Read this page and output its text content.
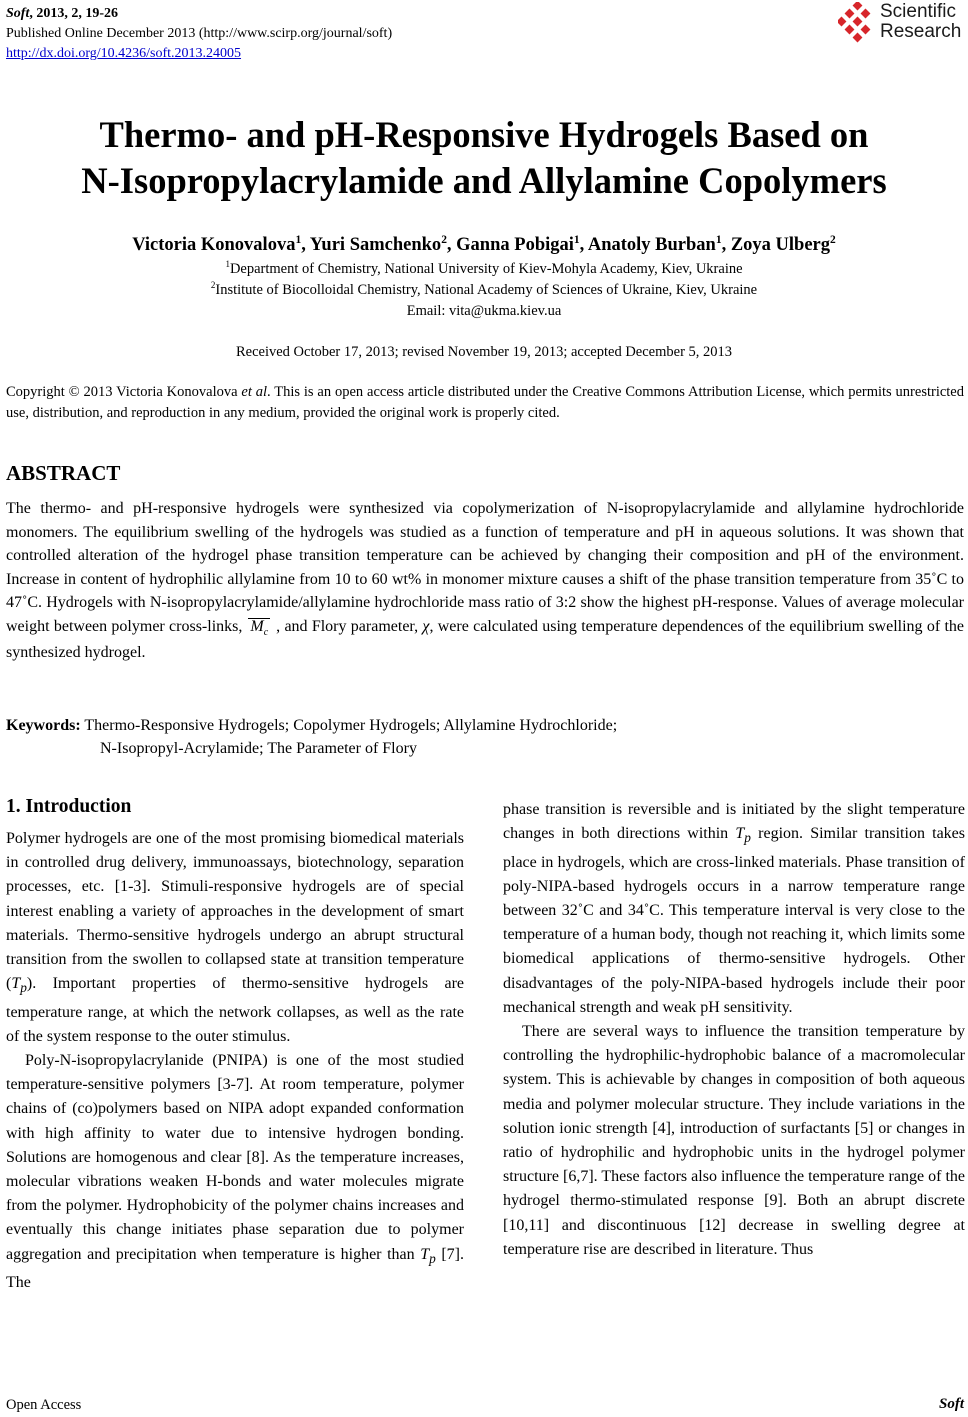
Soft, 2013, 2, 19-26
Published Online December 2013 (http://www.scirp.org/journal/soft)
http://dx.doi.org/10.4236/soft.2013.24005
Scientific
Research
Thermo- and pH-Responsive Hydrogels Based on
N-Isopropylacrylamide and Allylamine Copolymers
Victoria Konovalova$^1$, Yuri Samchenko$^2$, Ganna Pobigai$^1$, Anatoly Burban$^1$, Zoya Ulberg$^2$
$^1$Department of Chemistry, National University of Kiev-Mohyla Academy, Kiev, Ukraine
$^2$Institute of Biocolloidal Chemistry, National Academy of Sciences of Ukraine, Kiev, Ukraine
Email: vita@ukma.kiev.ua
Received October 17, 2013; revised November 19, 2013; accepted December 5, 2013
Copyright © 2013 Victoria Konovalova et al. This is an open access article distributed under the Creative Commons Attribution License, which permits unrestricted use, distribution, and reproduction in any medium, provided the original work is properly cited.
ABSTRACT
The thermo- and pH-responsive hydrogels were synthesized via copolymerization of N-isopropylacrylamide and allylamine hydrochloride monomers. The equilibrium swelling of the hydrogels was studied as a function of temperature and pH in aqueous solutions. It was shown that controlled alteration of the hydrogel phase transition temperature can be achieved by changing their composition and pH of the environment. Increase in content of hydrophilic allylamine from 10 to 60 wt% in monomer mixture causes a shift of the phase transition temperature from 35˚C to 47˚C. Hydrogels with N-isopropylacrylamide/allylamine hydrochloride mass ratio of 3:2 show the highest pH-response. Values of average molecular weight between polymer cross-links, $M_c$ , and Flory parameter, χ, were calculated using temperature dependences of the equilibrium swelling of the synthesized hydrogel.
Keywords: Thermo-Responsive Hydrogels; Copolymer Hydrogels; Allylamine Hydrochloride;
N-Isopropyl-Acrylamide; The Parameter of Flory
1. Introduction

Polymer hydrogels are one of the most promising biomedical materials in controlled drug delivery, immunoassays, biotechnology, separation processes, etc. [1-3]. Stimuli-responsive hydrogels are of special interest enabling a variety of approaches in the development of smart materials. Thermo-sensitive hydrogels undergo an abrupt structural transition from the swollen to collapsed state at transition temperature $(T_p)$. Important properties of thermo-sensitive hydrogels are temperature range, at which the network collapses, as well as the rate of the system response to the outer stimulus.

Poly-N-isopropylacrylanide (PNIPA) is one of the most studied temperature-sensitive polymers [3-7]. At room temperature, polymer chains of (co)polymers based on NIPA adopt expanded conformation with high affinity to water due to intensive hydrogen bonding. Solutions are homogenous and clear [8]. As the temperature increases, molecular vibrations weaken H-bonds and water molecules migrate from the polymer. Hydrophobicity of the polymer chains increases and eventually this change initiates phase separation due to polymer aggregation and precipitation when temperature is higher than $T_p$ [7]. The

phase transition is reversible and is initiated by the slight temperature changes in both directions within $T_p$ region. Similar transition takes place in hydrogels, which are cross-linked materials. Phase transition of poly-NIPA-based hydrogels occurs in a narrow temperature range between 32˚C and 34˚C. This temperature interval is very close to the temperature of a human body, though not reaching it, which limits some biomedical applications of thermo-sensitive hydrogels. Other disadvantages of the poly-NIPA-based hydrogels include their poor mechanical strength and weak pH sensitivity.

There are several ways to influence the transition temperature by controlling the hydrophilic-hydrophobic balance of a macromolecular system. This is achievable by changes in composition of both aqueous media and polymer molecular structure. They include variations in the solution ionic strength [4], introduction of surfactants [5] or changes in ratio of hydrophilic and hydrophobic units in the hydrogel polymer structure [6,7]. These factors also influence the temperature range of the hydrogel thermo-stimulated response [9]. Both an abrupt discrete [10,11] and discontinuous [12] decrease in swelling degree at temperature rise are described in literature. Thus

Open Access	Soft
